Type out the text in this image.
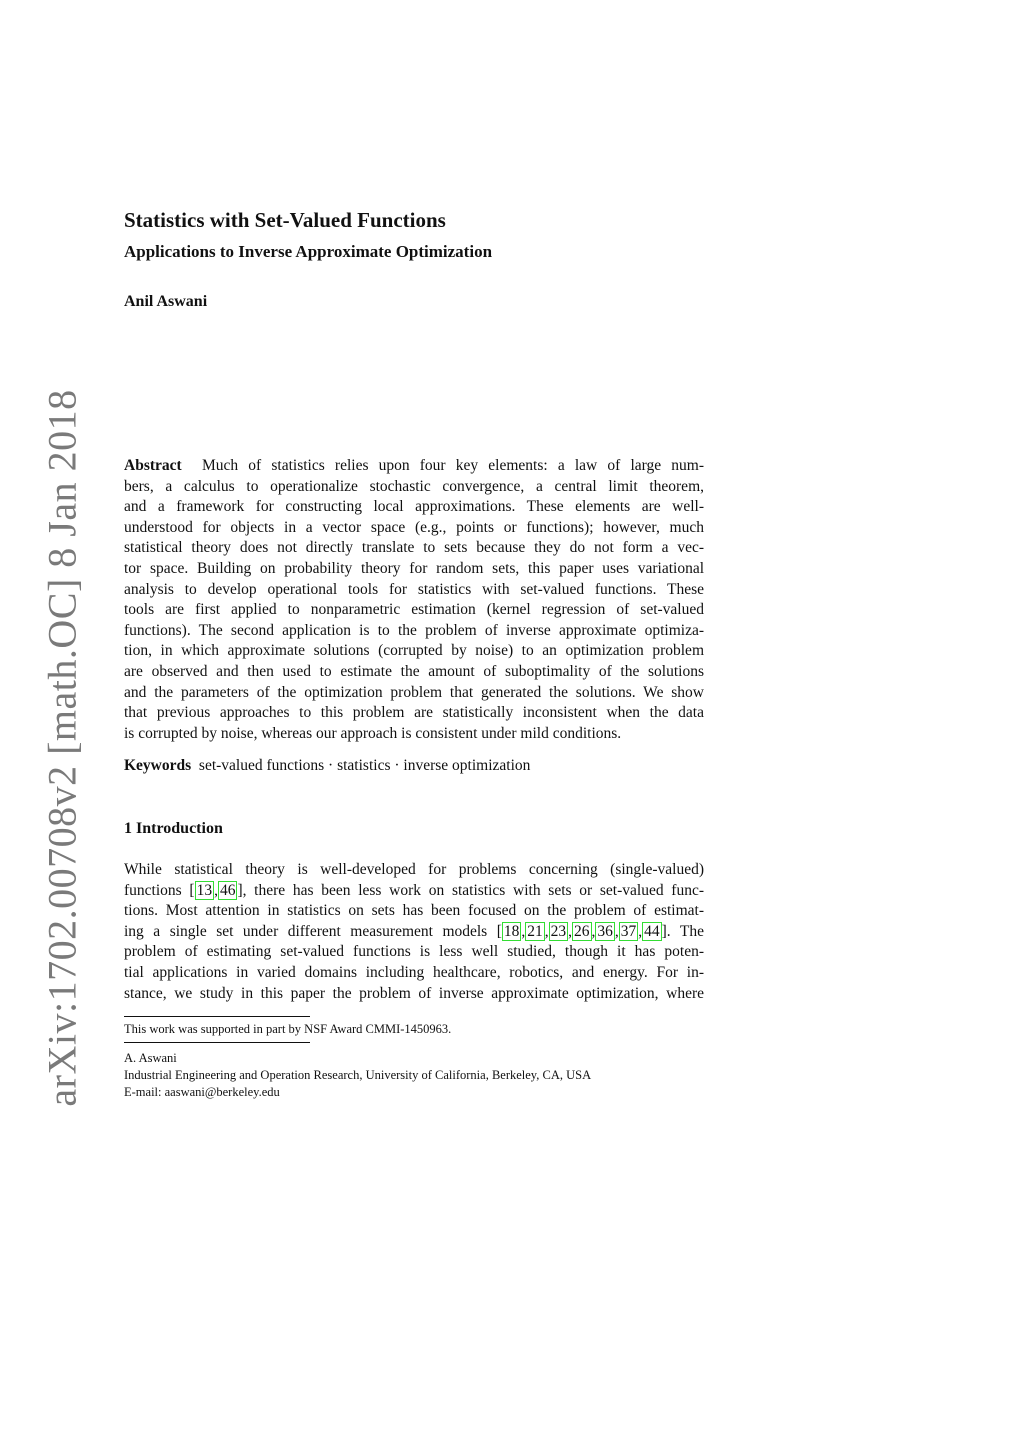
arXiv:1702.00708v2 [math.OC] 8 Jan 2018
Statistics with Set-Valued Functions
Applications to Inverse Approximate Optimization
Anil Aswani
Abstract Much of statistics relies upon four key elements: a law of large num-
bers, a calculus to operationalize stochastic convergence, a central limit theorem,
and a framework for constructing local approximations. These elements are well-
understood for objects in a vector space (e.g., points or functions); however, much
statistical theory does not directly translate to sets because they do not form a vec-
tor space. Building on probability theory for random sets, this paper uses variational
analysis to develop operational tools for statistics with set-valued functions. These
tools are first applied to nonparametric estimation (kernel regression of set-valued
functions). The second application is to the problem of inverse approximate optimiza-
tion, in which approximate solutions (corrupted by noise) to an optimization problem
are observed and then used to estimate the amount of suboptimality of the solutions
and the parameters of the optimization problem that generated the solutions. We show
that previous approaches to this problem are statistically inconsistent when the data
is corrupted by noise, whereas our approach is consistent under mild conditions.
Keywords set-valued functions · statistics · inverse optimization
1 Introduction
While statistical theory is well-developed for problems concerning (single-valued)
functions [ 13 , 46 ], there has been less work on statistics with sets or set-valued func-
tions. Most attention in statistics on sets has been focused on the problem of estimat-
ing a single set under different measurement models [ 18 , 21 , 23 , 26 , 36 , 37 , 44 ]. The
problem of estimating set-valued functions is less well studied, though it has poten-
tial applications in varied domains including healthcare, robotics, and energy. For in-
stance, we study in this paper the problem of inverse approximate optimization, where
This work was supported in part by NSF Award CMMI-1450963.
A. Aswani
Industrial Engineering and Operation Research, University of California, Berkeley, CA, USA
E-mail: aaswani@berkeley.edu
